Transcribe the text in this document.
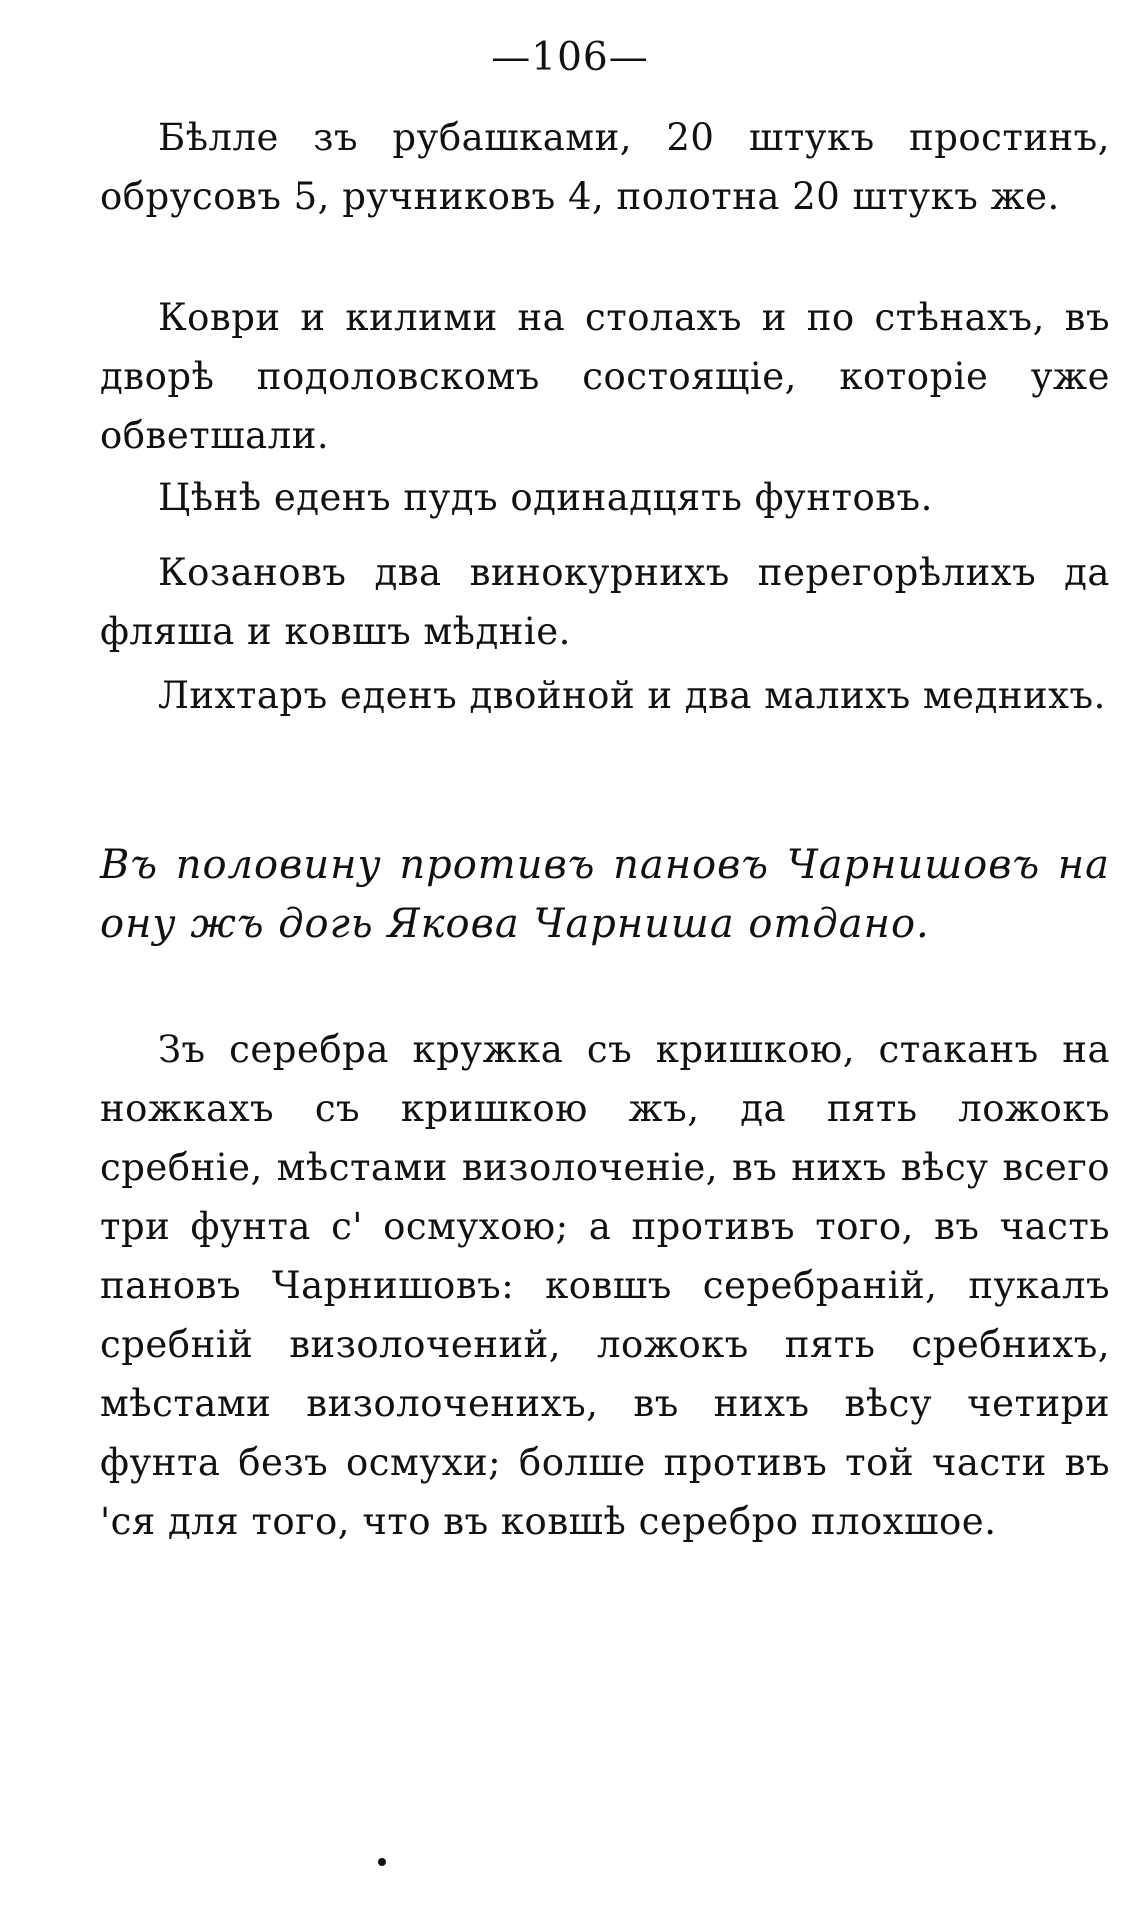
—106—
Бѣлле зъ рубашками, 20 штукъ простинъ, обрусовъ 5, ручниковъ 4, полотна 20 штукъ же.
Коври и килими на столахъ и по стѣнахъ, въ дворѣ подоловскомъ состоящіе, которіе уже обветшали.
Цѣнѣ еденъ пудъ одинадцять фунтовъ.
Козановъ два винокурнихъ перегорѣлихъ да фляша и ковшъ мѣдніе.
Лихтаръ еденъ двойной и два малихъ меднихъ.
Въ половину противъ пановъ Чарнишовъ на ону жъ догь Якова Чарниша отдано.
Зъ серебра кружка съ кришкою, стаканъ на ножкахъ съ кришкою жъ, да пять ложокъ сребніе, мѣстами визолоченіе, въ нихъ вѣсу всего три фунта с' осмухою; а противъ того, въ часть пановъ Чарнишовъ: ковшъ серебраній, пукалъ сребній визолочений, ложокъ пять сребнихъ, мѣстами визолоченихъ, въ нихъ вѣсу четири фунта безъ осмухи; болше противъ той части въ 'ся для того, что въ ковшѣ серебро плохшое.
